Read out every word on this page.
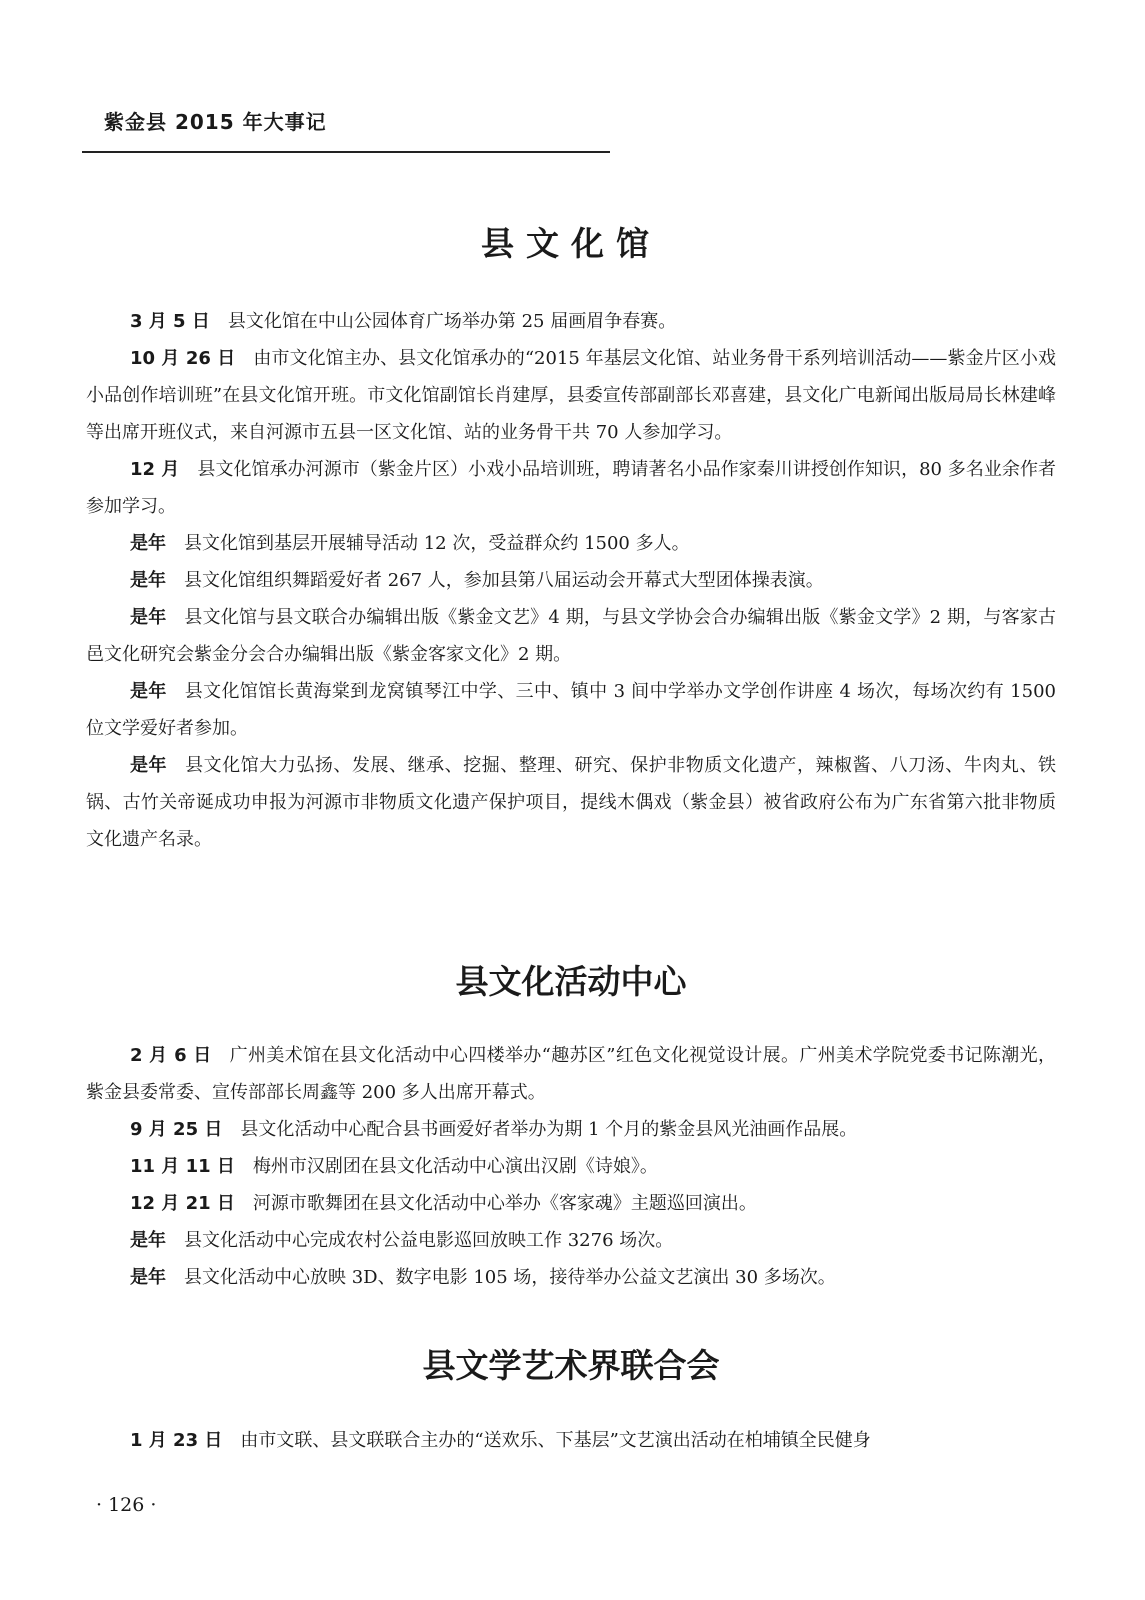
紫金县 2015 年大事记
县文化馆

3 月 5 日 县文化馆在中山公园体育广场举办第 25 届画眉争春赛。

10 月 26 日 由市文化馆主办、县文化馆承办的“2015 年基层文化馆、站业务骨干系列培训活动——紫金片区小戏小品创作培训班”在县文化馆开班。市文化馆副馆长肖建厚，县委宣传部副部长邓喜建，县文化广电新闻出版局局长林建峰等出席开班仪式，来自河源市五县一区文化馆、站的业务骨干共 70 人参加学习。

12 月 县文化馆承办河源市（紫金片区）小戏小品培训班，聘请著名小品作家秦川讲授创作知识，80 多名业余作者参加学习。

是年 县文化馆到基层开展辅导活动 12 次，受益群众约 1500 多人。

是年 县文化馆组织舞蹈爱好者 267 人，参加县第八届运动会开幕式大型团体操表演。

是年 县文化馆与县文联合办编辑出版《紫金文艺》4 期，与县文学协会合办编辑出版《紫金文学》2 期，与客家古邑文化研究会紫金分会合办编辑出版《紫金客家文化》2 期。

是年 县文化馆馆长黄海棠到龙窝镇琴江中学、三中、镇中 3 间中学举办文学创作讲座 4 场次，每场次约有 1500 位文学爱好者参加。

是年 县文化馆大力弘扬、发展、继承、挖掘、整理、研究、保护非物质文化遗产，辣椒酱、八刀汤、牛肉丸、铁锅、古竹关帝诞成功申报为河源市非物质文化遗产保护项目，提线木偶戏（紫金县）被省政府公布为广东省第六批非物质文化遗产名录。

县文化活动中心

2 月 6 日 广州美术馆在县文化活动中心四楼举办“趣苏区”红色文化视觉设计展。广州美术学院党委书记陈潮光，紫金县委常委、宣传部部长周鑫等 200 多人出席开幕式。

9 月 25 日 县文化活动中心配合县书画爱好者举办为期 1 个月的紫金县风光油画作品展。

11 月 11 日 梅州市汉剧团在县文化活动中心演出汉剧《诗娘》。

12 月 21 日 河源市歌舞团在县文化活动中心举办《客家魂》主题巡回演出。

是年 县文化活动中心完成农村公益电影巡回放映工作 3276 场次。

是年 县文化活动中心放映 3D、数字电影 105 场，接待举办公益文艺演出 30 多场次。

县文学艺术界联合会

1 月 23 日 由市文联、县文联联合主办的“送欢乐、下基层”文艺演出活动在柏埔镇全民健身

· 126 ·
